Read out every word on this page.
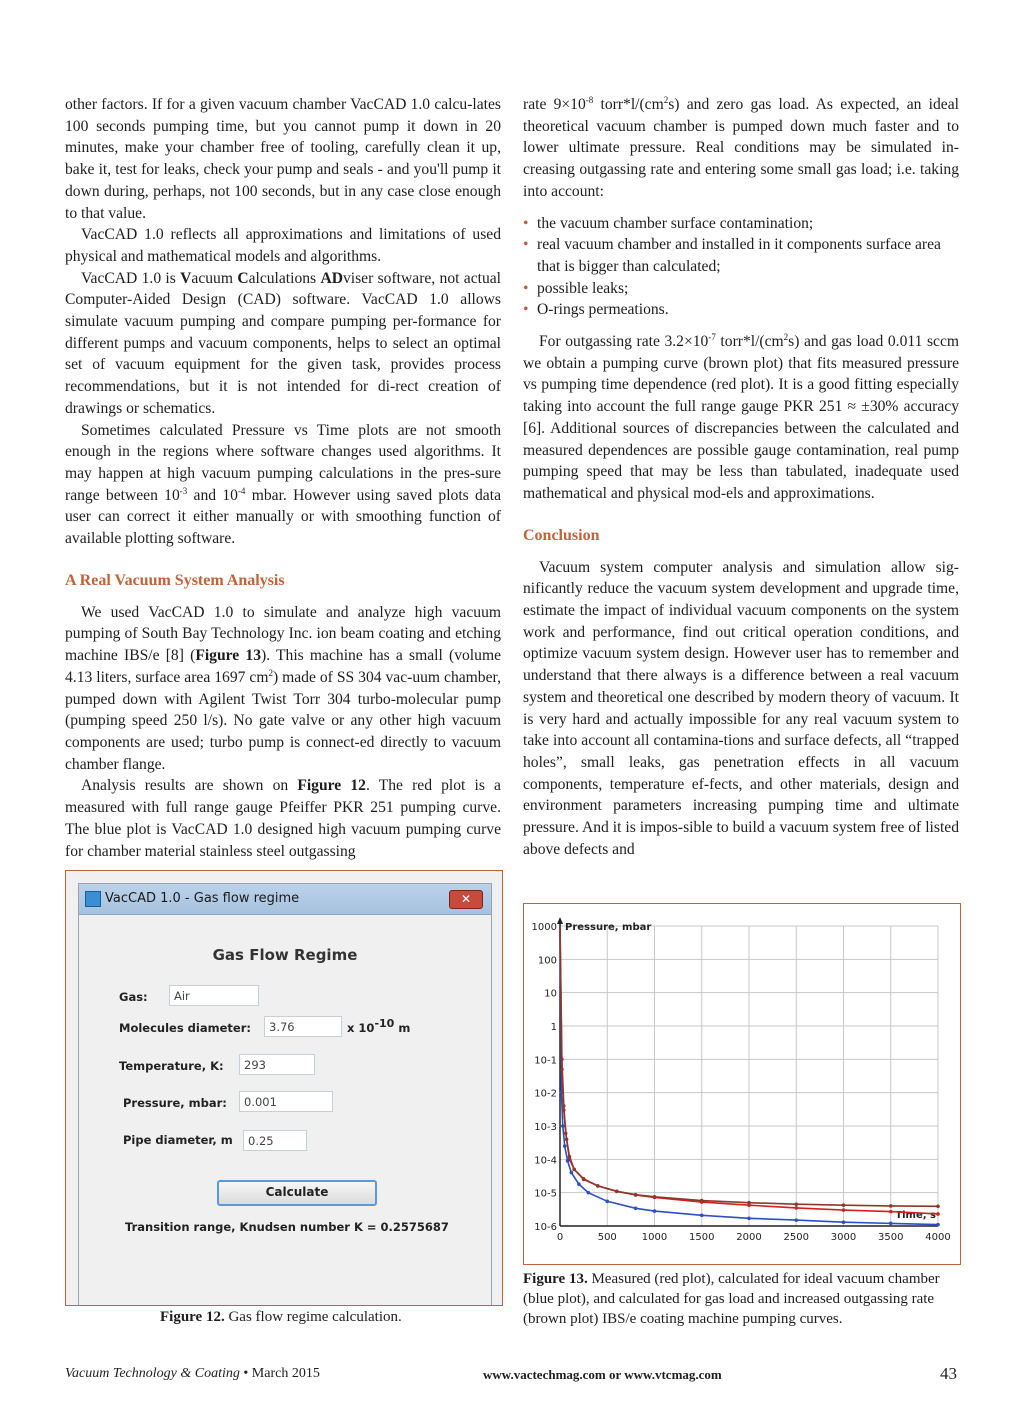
other factors. If for a given vacuum chamber VacCAD 1.0 calcu-lates 100 seconds pumping time, but you cannot pump it down in 20 minutes, make your chamber free of tooling, carefully clean it up, bake it, test for leaks, check your pump and seals - and you'll pump it down during, perhaps, not 100 seconds, but in any case close enough to that value.

VacCAD 1.0 reflects all approximations and limitations of used physical and mathematical models and algorithms.

VacCAD 1.0 is Vacuum Calculations ADviser software, not actual Computer-Aided Design (CAD) software. VacCAD 1.0 allows simulate vacuum pumping and compare pumping per-formance for different pumps and vacuum components, helps to select an optimal set of vacuum equipment for the given task, provides process recommendations, but it is not intended for di-rect creation of drawings or schematics.

Sometimes calculated Pressure vs Time plots are not smooth enough in the regions where software changes used algorithms. It may happen at high vacuum pumping calculations in the pres-sure range between $10^{-3}$ and $10^{-4}$ mbar. However using saved plots data user can correct it either manually or with smoothing function of available plotting software.

A Real Vacuum System Analysis

We used VacCAD 1.0 to simulate and analyze high vacuum pumping of South Bay Technology Inc. ion beam coating and etching machine IBS/e [8] (Figure 13). This machine has a small (volume 4.13 liters, surface area 1697 $cm^2$) made of SS 304 vac-uum chamber, pumped down with Agilent Twist Torr 304 turbo-molecular pump (pumping speed 250 l/s). No gate valve or any other high vacuum components are used; turbo pump is connect-ed directly to vacuum chamber flange.

Analysis results are shown on Figure 12. The red plot is a measured with full range gauge Pfeiffer PKR 251 pumping curve. The blue plot is VacCAD 1.0 designed high vacuum pumping curve for chamber material stainless steel outgassing

rate $9\times 10^{-8}$ $torr*l/(cm^2s)$ and zero gas load. As expected, an ideal theoretical vacuum chamber is pumped down much faster and to lower ultimate pressure. Real conditions may be simulated in-creasing outgassing rate and entering some small gas load; i.e. taking into account:

• the vacuum chamber surface contamination;
• real vacuum chamber and installed in it components surface area that is bigger than calculated;
• possible leaks;
• O-rings permeations.

For outgassing rate $3.2\times 10^{-7}$ $torr*l/(cm^2s)$ and gas load 0.011 sccm we obtain a pumping curve (brown plot) that fits measured pressure vs pumping time dependence (red plot). It is a good fitting especially taking into account the full range gauge PKR 251 ≈ ±30% accuracy [6]. Additional sources of discrepancies between the calculated and measured dependences are possible gauge contamination, real pump pumping speed that may be less than tabulated, inadequate used mathematical and physical mod-els and approximations.

Conclusion

Vacuum system computer analysis and simulation allow sig-nificantly reduce the vacuum system development and upgrade time, estimate the impact of individual vacuum components on the system work and performance, find out critical operation conditions, and optimize vacuum system design. However user has to remember and understand that there always is a difference between a real vacuum system and theoretical one described by modern theory of vacuum. It is very hard and actually impossible for any real vacuum system to take into account all contamina-tions and surface defects, all “trapped holes”, small leaks, gas penetration effects in all vacuum components, temperature ef-fects, and other materials, design and environment parameters increasing pumping time and ultimate pressure. And it is impos-sible to build a vacuum system free of listed above defects and

VacCAD 1.0 - Gas flow regime	✕
Gas Flow Regime
Gas:	Air
Molecules diameter:	3.76	x $10^{-10}$ m
Temperature, K:	293
Pressure, mbar:	0.001
Pipe diameter, m	0.25
Calculate
Transition range, Knudsen number K = 0.2575687
Figure 12. Gas flow regime calculation.
0	500 1000 1500 2000 2500 3000 3500 4000
1000
100
10
1
10-1
10-2
10-3
10-4
10-5
10-6
Pressure, mbar
Time, s
Figure 13. Measured (red plot), calculated for ideal vacuum chamber (blue plot), and calculated for gas load and increased outgassing rate (brown plot) IBS/e coating machine pumping curves.
Vacuum Technology & Coating • March 2015	www.vactechmag.com or www.vtcmag.com	43
